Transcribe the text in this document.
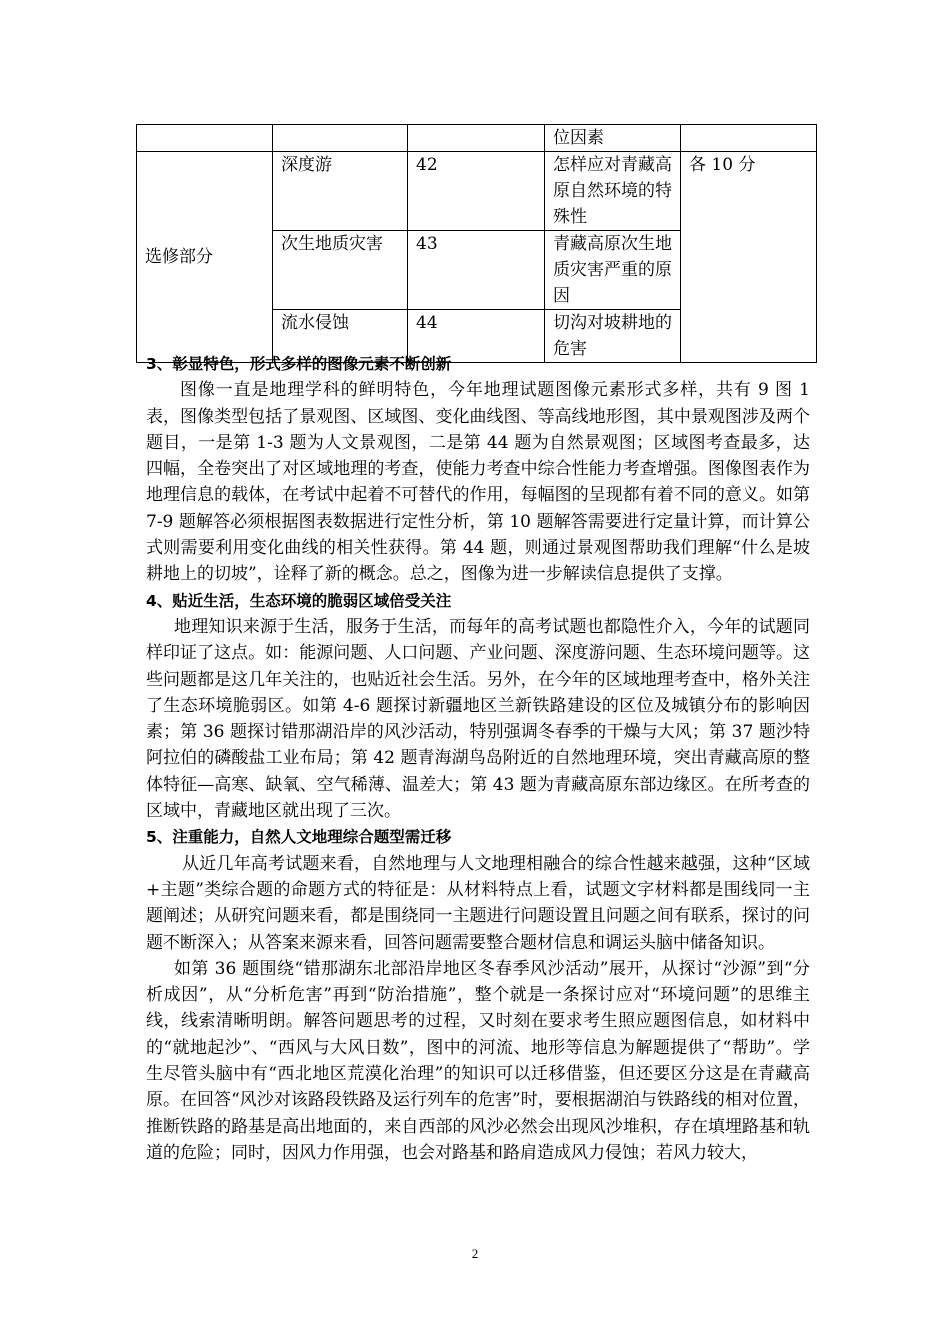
			位因素	
选修部分	深度游	42	怎样应对青藏高原自然环境的特殊性	各 10 分
	次生地质灾害	43	青藏高原次生地质灾害严重的原因	
	流水侵蚀	44	切沟对坡耕地的危害	

3、彰显特色，形式多样的图像元素不断创新

图像一直是地理学科的鲜明特色，今年地理试题图像元素形式多样，共有 9 图 1 表，图像类型包括了景观图、区域图、变化曲线图、等高线地形图，其中景观图涉及两个题目，一是第 1-3 题为人文景观图，二是第 44 题为自然景观图；区域图考查最多，达四幅，全卷突出了对区域地理的考查，使能力考查中综合性能力考查增强。图像图表作为地理信息的载体，在考试中起着不可替代的作用，每幅图的呈现都有着不同的意义。如第 7-9 题解答必须根据图表数据进行定性分析，第 10 题解答需要进行定量计算，而计算公式则需要利用变化曲线的相关性获得。第 44 题，则通过景观图帮助我们理解“什么是坡耕地上的切坡”，诠释了新的概念。总之，图像为进一步解读信息提供了支撑。

4、贴近生活，生态环境的脆弱区域倍受关注

地理知识来源于生活，服务于生活，而每年的高考试题也都隐性介入，今年的试题同样印证了这点。如：能源问题、人口问题、产业问题、深度游问题、生态环境问题等。这些问题都是这几年关注的，也贴近社会生活。另外，在今年的区域地理考查中，格外关注了生态环境脆弱区。如第 4-6 题探讨新疆地区兰新铁路建设的区位及城镇分布的影响因素；第 36 题探讨错那湖沿岸的风沙活动，特别强调冬春季的干燥与大风；第 37 题沙特阿拉伯的磷酸盐工业布局；第 42 题青海湖鸟岛附近的自然地理环境，突出青藏高原的整体特征—高寒、缺氧、空气稀薄、温差大；第 43 题为青藏高原东部边缘区。在所考查的区域中，青藏地区就出现了三次。

5、注重能力，自然人文地理综合题型需迁移

从近几年高考试题来看，自然地理与人文地理相融合的综合性越来越强，这种“区域+主题”类综合题的命题方式的特征是：从材料特点上看，试题文字材料都是围线同一主题阐述；从研究问题来看，都是围绕同一主题进行问题设置且问题之间有联系，探讨的问题不断深入；从答案来源来看，回答问题需要整合题材信息和调运头脑中储备知识。

如第 36 题围绕“错那湖东北部沿岸地区冬春季风沙活动”展开，从探讨“沙源”到“分析成因”，从“分析危害”再到“防治措施”，整个就是一条探讨应对“环境问题”的思维主线，线索清晰明朗。解答问题思考的过程，又时刻在要求考生照应题图信息，如材料中的“就地起沙”、“西风与大风日数”，图中的河流、地形等信息为解题提供了“帮助”。学生尽管头脑中有“西北地区荒漠化治理”的知识可以迁移借鉴，但还要区分这是在青藏高原。在回答“风沙对该路段铁路及运行列车的危害”时，要根据湖泊与铁路线的相对位置，推断铁路的路基是高出地面的，来自西部的风沙必然会出现风沙堆积，存在填埋路基和轨道的危险；同时，因风力作用强，也会对路基和路肩造成风力侵蚀；若风力较大，

2
